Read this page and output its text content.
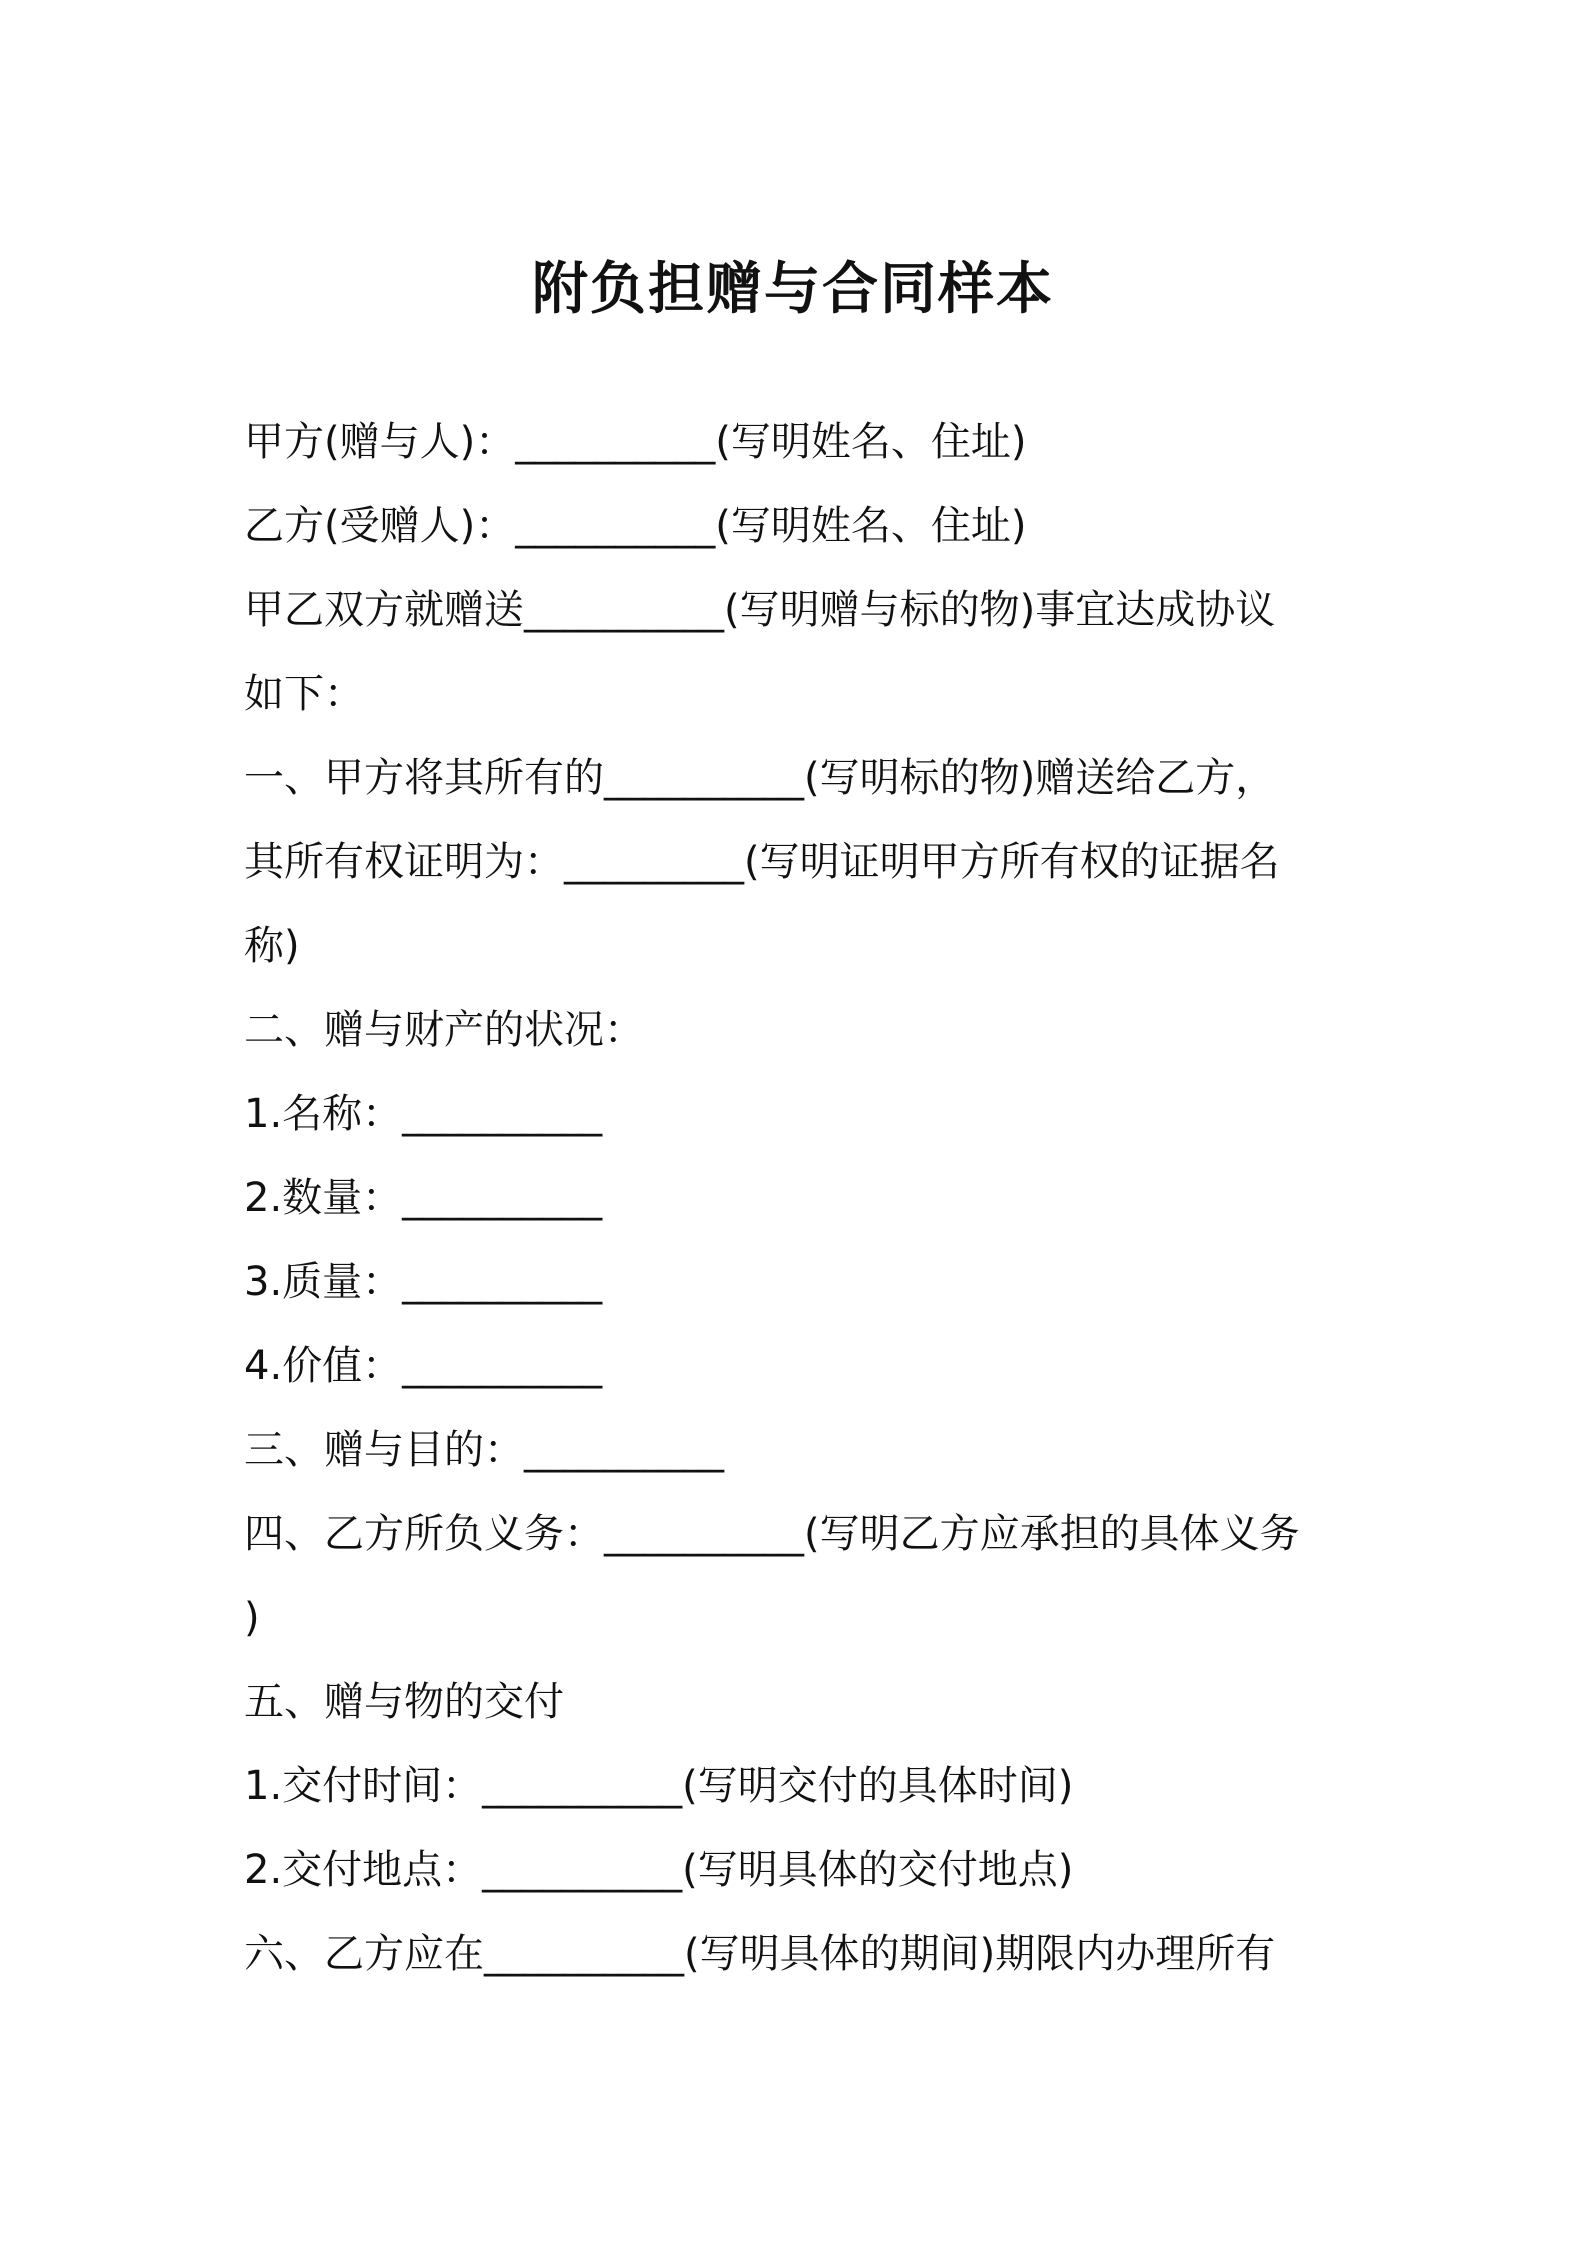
附负担赠与合同样本
甲方(赠与人)：__________(写明姓名、住址)
乙方(受赠人)：__________(写明姓名、住址)
甲乙双方就赠送__________(写明赠与标的物)事宜达成协议
如下：
一、甲方将其所有的__________(写明标的物)赠送给乙方，
其所有权证明为：_________(写明证明甲方所有权的证据名
称)
二、赠与财产的状况：
1.名称：__________
2.数量：__________
3.质量：__________
4.价值：__________
三、赠与目的：__________
四、乙方所负义务：__________(写明乙方应承担的具体义务
)
五、赠与物的交付
1.交付时间：__________(写明交付的具体时间)
2.交付地点：__________(写明具体的交付地点)
六、乙方应在__________(写明具体的期间)期限内办理所有
